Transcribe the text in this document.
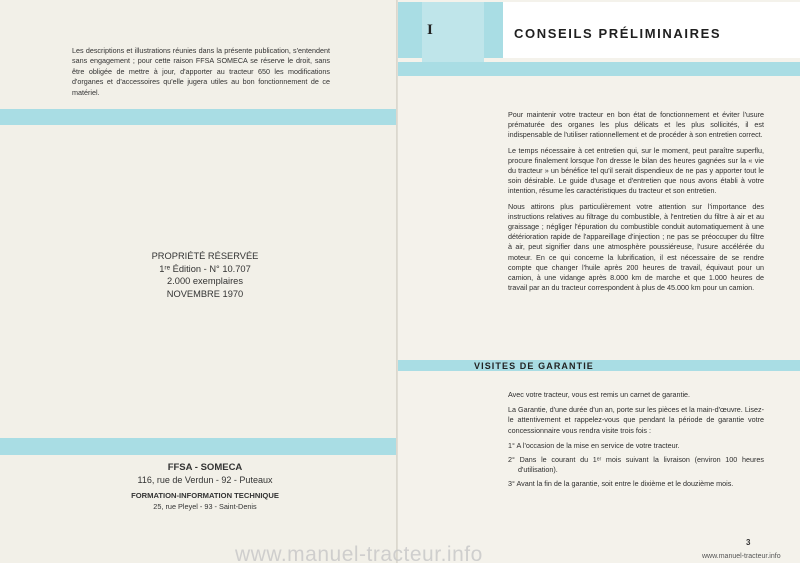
Les descriptions et illustrations réunies dans la présente publication, s'entendent sans engagement ; pour cette raison FFSA SOMECA se réserve le droit, sans être obligée de mettre à jour, d'apporter au tracteur 650 les modifications d'organes et d'accessoires qu'elle jugera utiles au bon fonctionnement de ce matériel.
PROPRIÉTÉ RÉSERVÉE
1ʳᵉ Édition - N° 10.707
2.000 exemplaires
NOVEMBRE 1970
FFSA - SOMECA
116, rue de Verdun - 92 - Puteaux
FORMATION-INFORMATION TECHNIQUE
25, rue Pleyel - 93 - Saint-Denis
I	CONSEILS PRÉLIMINAIRES

Pour maintenir votre tracteur en bon état de fonctionnement et éviter l'usure prématurée des organes les plus délicats et les plus sollicités, il est indispensable de l'utiliser rationnellement et de procéder à son entretien correct.

Le temps nécessaire à cet entretien qui, sur le moment, peut paraître superflu, procure finalement lorsque l'on dresse le bilan des heures gagnées sur la « vie du tracteur » un bénéfice tel qu'il serait dispendieux de ne pas y apporter tout le soin désirable. Le guide d'usage et d'entretien que nous avons établi à votre intention, résume les caractéristiques du tracteur et son entretien.

Nous attirons plus particulièrement votre attention sur l'importance des instructions relatives au filtrage du combustible, à l'entretien du filtre à air et au graissage ; négliger l'épuration du combustible conduit automatiquement à une détérioration rapide de l'appareillage d'injection ; ne pas se préoccuper du filtre à air, peut signifier dans une atmosphère poussiéreuse, l'usure accélérée du moteur. En ce qui concerne la lubrification, il est nécessaire de se rendre compte que changer l'huile après 200 heures de travail, équivaut pour un camion, à une vidange après 8.000 km de marche et que 1.000 heures de travail par an du tracteur correspondent à plus de 45.000 km pour un camion.

VISITES DE GARANTIE

Avec votre tracteur, vous est remis un carnet de garantie.

La Garantie, d'une durée d'un an, porte sur les pièces et la main-d'œuvre. Lisez-le attentivement et rappelez-vous que pendant la période de garantie votre concessionnaire vous rendra visite trois fois :

1° A l'occasion de la mise en service de votre tracteur.

2° Dans le courant du 1ᵉʳ mois suivant la livraison (environ 100 heures d'utilisation).

3° Avant la fin de la garantie, soit entre le dixième et le douzième mois.

3
www.manuel-tracteur.info	www.manuel-tracteur.info
